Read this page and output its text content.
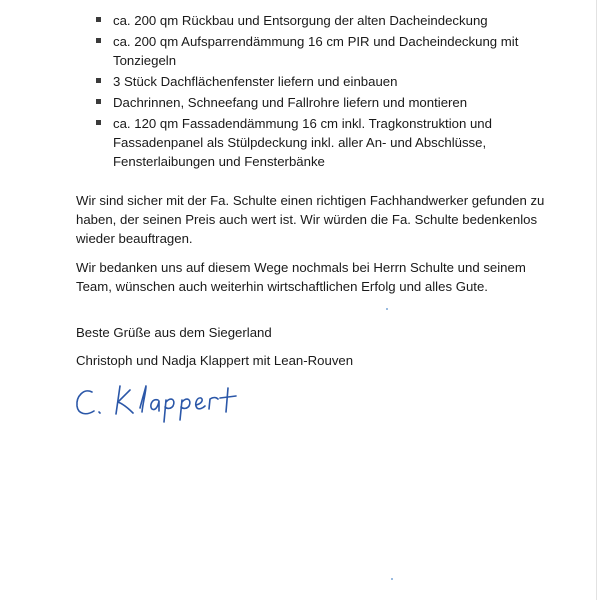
ca. 200 qm Rückbau und Entsorgung der alten Dacheindeckung
ca. 200 qm Aufsparrendämmung 16 cm PIR und Dacheindeckung mit Tonziegeln
3 Stück Dachflächenfenster liefern und einbauen
Dachrinnen, Schneefang und Fallrohre liefern und montieren
ca. 120 qm Fassadendämmung 16 cm inkl. Tragkonstruktion und Fassadenpanel als Stülpdeckung inkl. aller An- und Abschlüsse, Fensterlaibungen und Fensterbänke

Wir sind sicher mit der Fa. Schulte einen richtigen Fachhandwerker gefunden zu haben, der seinen Preis auch wert ist. Wir würden die Fa. Schulte bedenkenlos wieder beauftragen.

Wir bedanken uns auf diesem Wege nochmals bei Herrn Schulte und seinem Team, wünschen auch weiterhin wirtschaftlichen Erfolg und alles Gute.

Beste Grüße aus dem Siegerland

Christoph und Nadja Klappert mit Lean-Rouven
